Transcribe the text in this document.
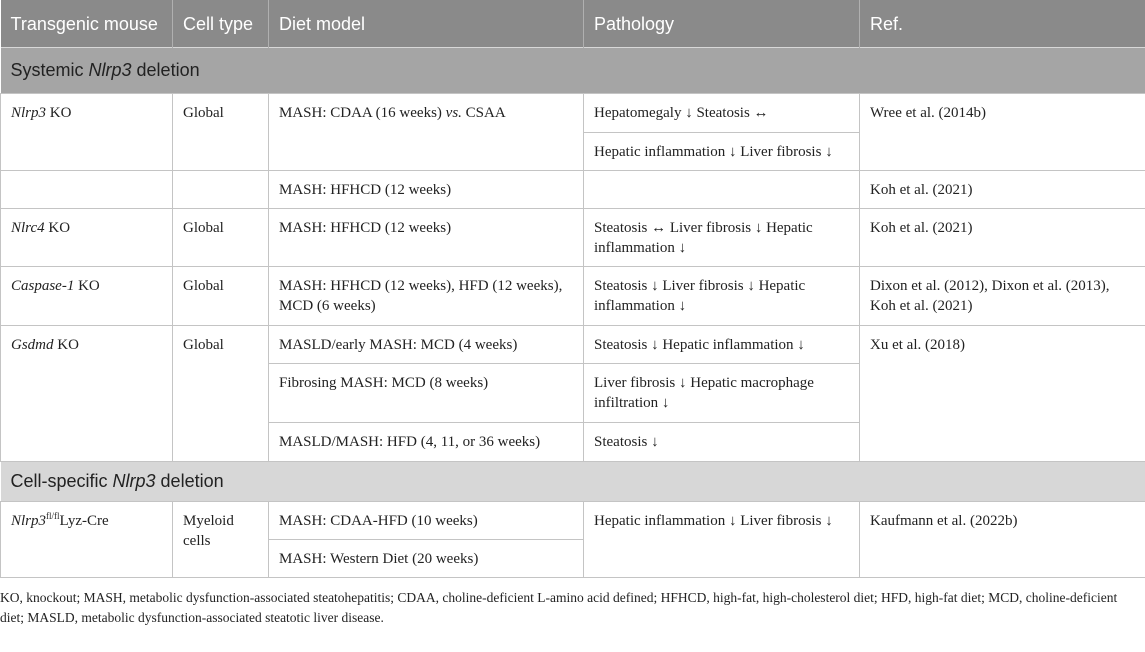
Transgenic mouse	Cell type	Diet model	Pathology	Ref.
Systemic Nlrp3 deletion				
Nlrp3 KO	Global	MASH: CDAA (16 weeks) vs. CSAA	Hepatomegaly ↓ Steatosis ↔	Wree et al. (2014b)
			Hepatic inflammation ↓ Liver fibrosis ↓	
		MASH: HFHCD (12 weeks)		Koh et al. (2021)
Nlrc4 KO	Global	MASH: HFHCD (12 weeks)	Steatosis ↔ Liver fibrosis ↓ Hepatic inflammation ↓	Koh et al. (2021)
Caspase-1 KO	Global	MASH: HFHCD (12 weeks), HFD (12 weeks), MCD (6 weeks)	Steatosis ↓ Liver fibrosis ↓ Hepatic inflammation ↓	Dixon et al. (2012), Dixon et al. (2013), Koh et al. (2021)
Gsdmd KO	Global	MASLD/early MASH: MCD (4 weeks)	Steatosis ↓ Hepatic inflammation ↓	Xu et al. (2018)
		Fibrosing MASH: MCD (8 weeks)	Liver fibrosis ↓ Hepatic macrophage infiltration ↓	
		MASLD/MASH: HFD (4, 11, or 36 weeks)	Steatosis ↓	
Cell-specific Nlrp3 deletion				
$Nlrp3^{fl/fl}Lyz$-Cre	Myeloid cells	MASH: CDAA-HFD (10 weeks)	Hepatic inflammation ↓ Liver fibrosis ↓	Kaufmann et al. (2022b)
		MASH: Western Diet (20 weeks)		
KO, knockout; MASH, metabolic dysfunction-associated steatohepatitis; CDAA, choline-deficient L-amino acid defined; HFHCD, high-fat, high-cholesterol diet; HFD, high-fat diet; MCD, choline-deficient diet; MASLD, metabolic dysfunction-associated steatotic liver disease.
